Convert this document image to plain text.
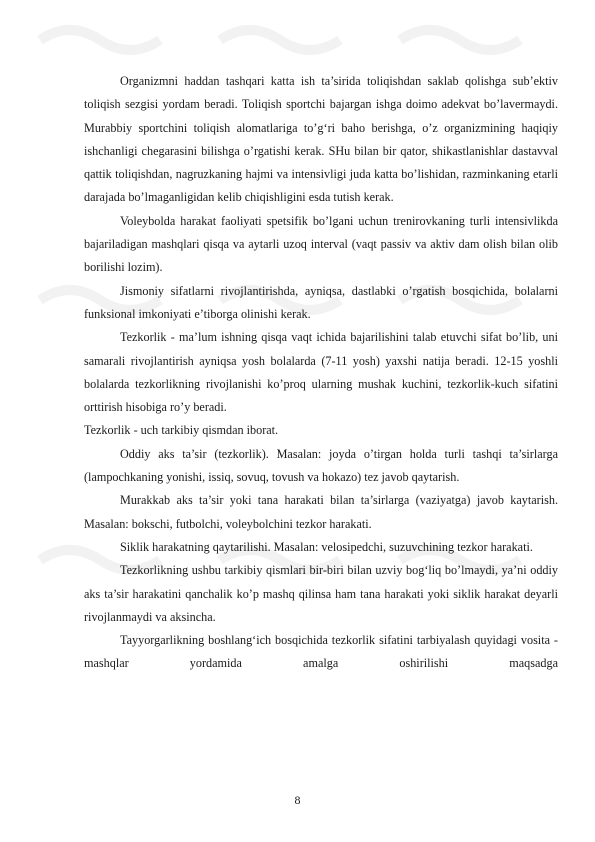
Organizmni haddan tashqari katta ish ta’sirida toliqishdan saklab qolishga sub’ektiv toliqish sezgisi yordam beradi. Toliqish sportchi bajargan ishga doimo adekvat bo’lavermaydi. Murabbiy sportchini toliqish alomatlariga to’g‘ri baho berishga, o’z organizmining haqiqiy ishchanligi chegarasini bilishga o’rgatishi kerak. SHu bilan bir qator, shikastlanishlar dastavval qattik toliqishdan, nagruzkaning hajmi va intensivligi juda katta bo’lishidan, razminkaning etarli darajada bo’lmaganligidan kelib chiqishligini esda tutish kerak.

Voleybolda harakat faoliyati spetsifik bo’lgani uchun trenirovkaning turli intensivlikda bajariladigan mashqlari qisqa va aytarli uzoq interval (vaqt passiv va aktiv dam olish bilan olib borilishi lozim).

Jismoniy sifatlarni rivojlantirishda, ayniqsa, dastlabki o’rgatish bosqichida, bolalarni funksional imkoniyati e’tiborga olinishi kerak.

Tezkorlik - ma’lum ishning qisqa vaqt ichida bajarilishini talab etuvchi sifat bo’lib, uni samarali rivojlantirish ayniqsa yosh bolalarda (7-11 yosh) yaxshi natija beradi. 12-15 yoshli bolalarda tezkorlikning rivojlanishi ko’proq ularning mushak kuchini, tezkorlik-kuch sifatini orttirish hisobiga ro’y beradi.

Tezkorlik - uch tarkibiy qismdan iborat.

Oddiy aks ta’sir (tezkorlik). Masalan: joyda o’tirgan holda turli tashqi ta’sirlarga (lampochkaning yonishi, issiq, sovuq, tovush va hokazo) tez javob qaytarish.

Murakkab aks ta’sir yoki tana harakati bilan ta’sirlarga (vaziyatga) javob kaytarish. Masalan: bokschi, futbolchi, voleybolchini tezkor harakati.

Siklik harakatning qaytarilishi. Masalan: velosipedchi, suzuvchining tezkor harakati.

Tezkorlikning ushbu tarkibiy qismlari bir-biri bilan uzviy bog‘liq bo’lmaydi, ya’ni oddiy aks ta’sir harakatini qanchalik ko’p mashq qilinsa ham tana harakati yoki siklik harakat deyarli rivojlanmaydi va aksincha.

Tayyorgarlikning boshlang‘ich bosqichida tezkorlik sifatini tarbiyalash quyidagi vosita - mashqlar yordamida amalga oshirilishi maqsadga

8
